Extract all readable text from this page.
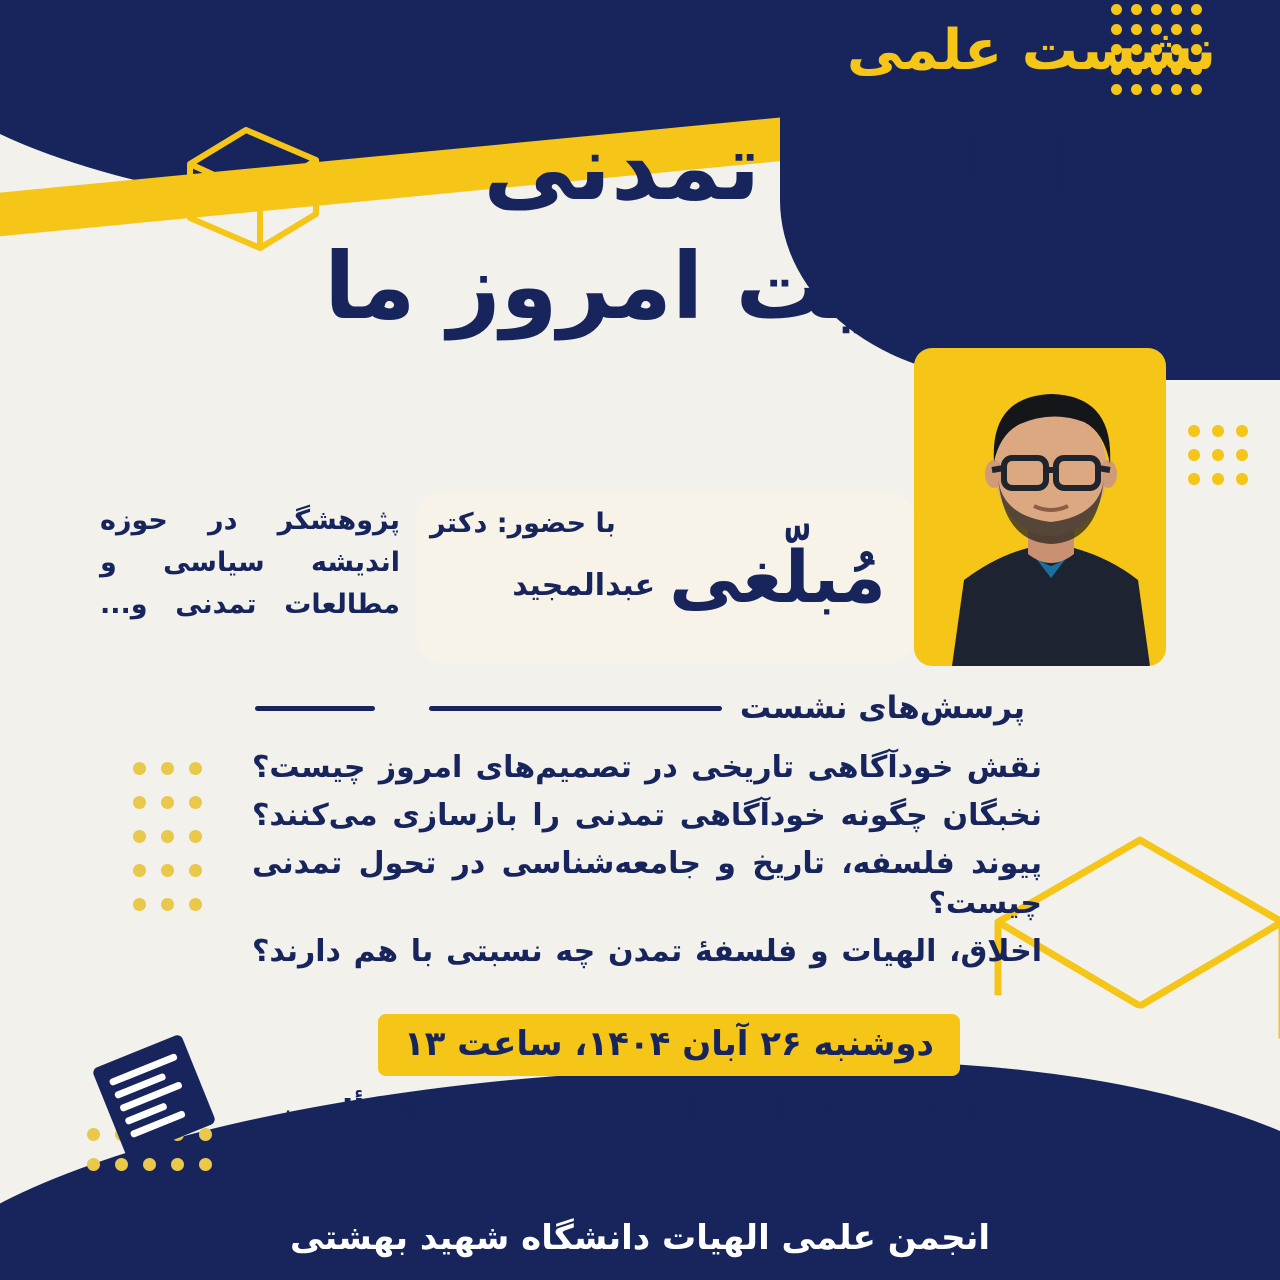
نشست علمی
خودآگاهی تمدنی
و مسئولیت امروز ما
با حضور: دکتر
مُبلّغی
عبدالمجید
پژوهشگر در حوزه اندیشه سیاسی و مطالعات تمدنی و...
پرسش‌های نشست
نقش خودآگاهی تاریخی در تصمیم‌های امروز چیست؟
نخبگان چگونه خودآگاهی تمدنی را بازسازی می‌کنند؟
پیوند فلسفه، تاریخ و جامعه‌شناسی در تحول تمدنی چیست؟
اخلاق، الهیات و فلسفهٔ تمدن چه نسبتی با هم دارند؟
دوشنبه ۲۶ آبان ۱۴۰۴، ساعت ۱۳
دانشکده الهیات و ادیان، سالن صدرالمتألهین
انجمن علمی الهیات دانشگاه شهید بهشتی
